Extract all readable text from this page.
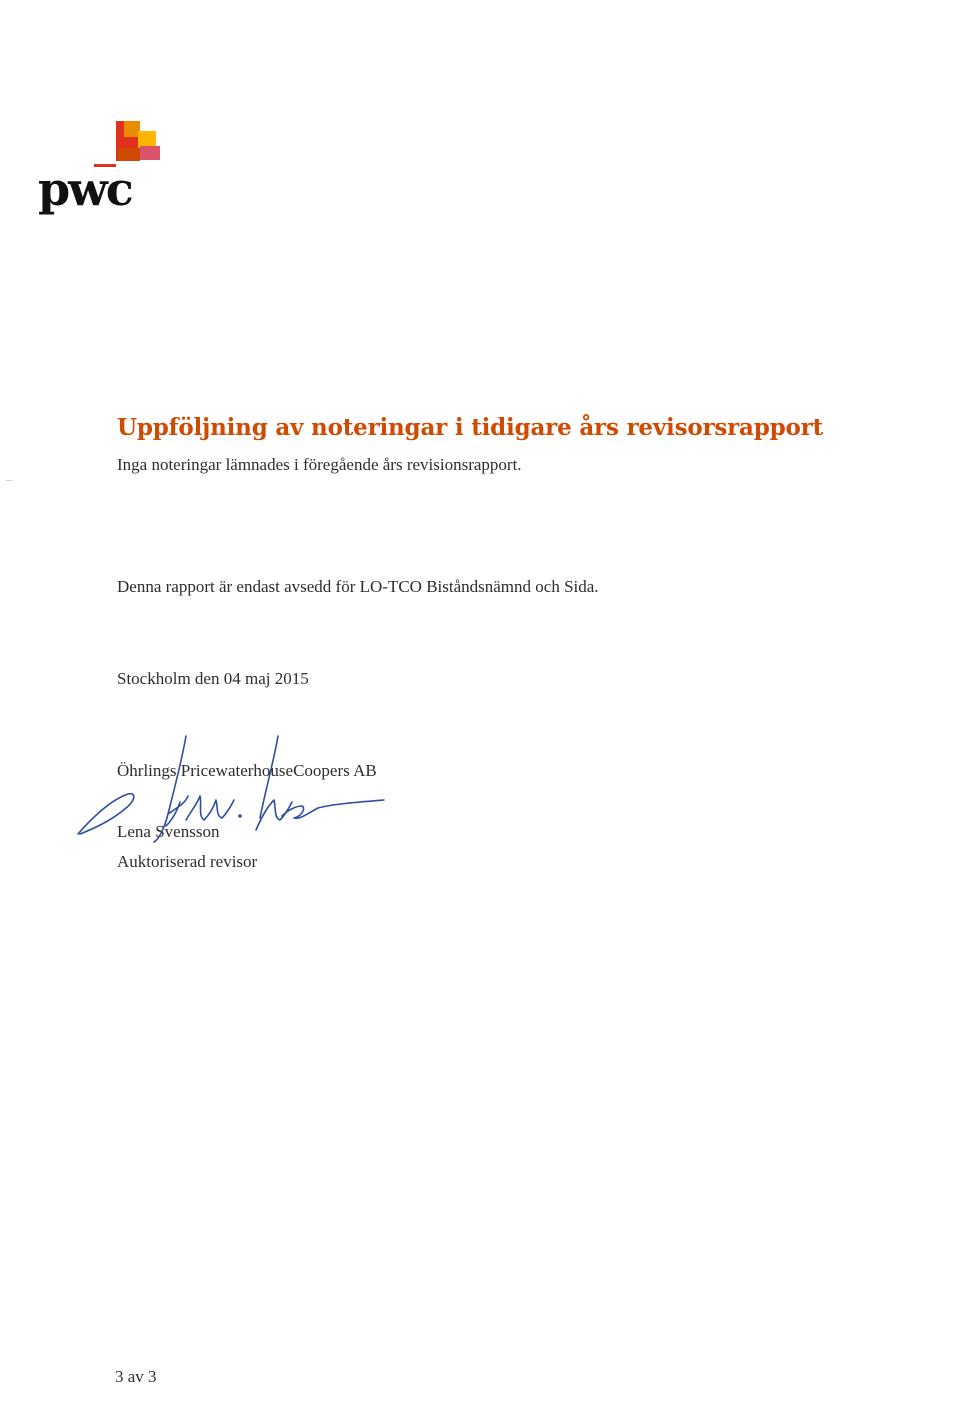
pwc
Uppföljning av noteringar i tidigare års revisorsrapport

Inga noteringar lämnades i föregående års revisionsrapport.

Denna rapport är endast avsedd för LO-TCO Biståndsnämnd och Sida.

Stockholm den 04 maj 2015

Öhrlings PricewaterhouseCoopers AB

Lena Svensson

Auktoriserad revisor

3 av 3
